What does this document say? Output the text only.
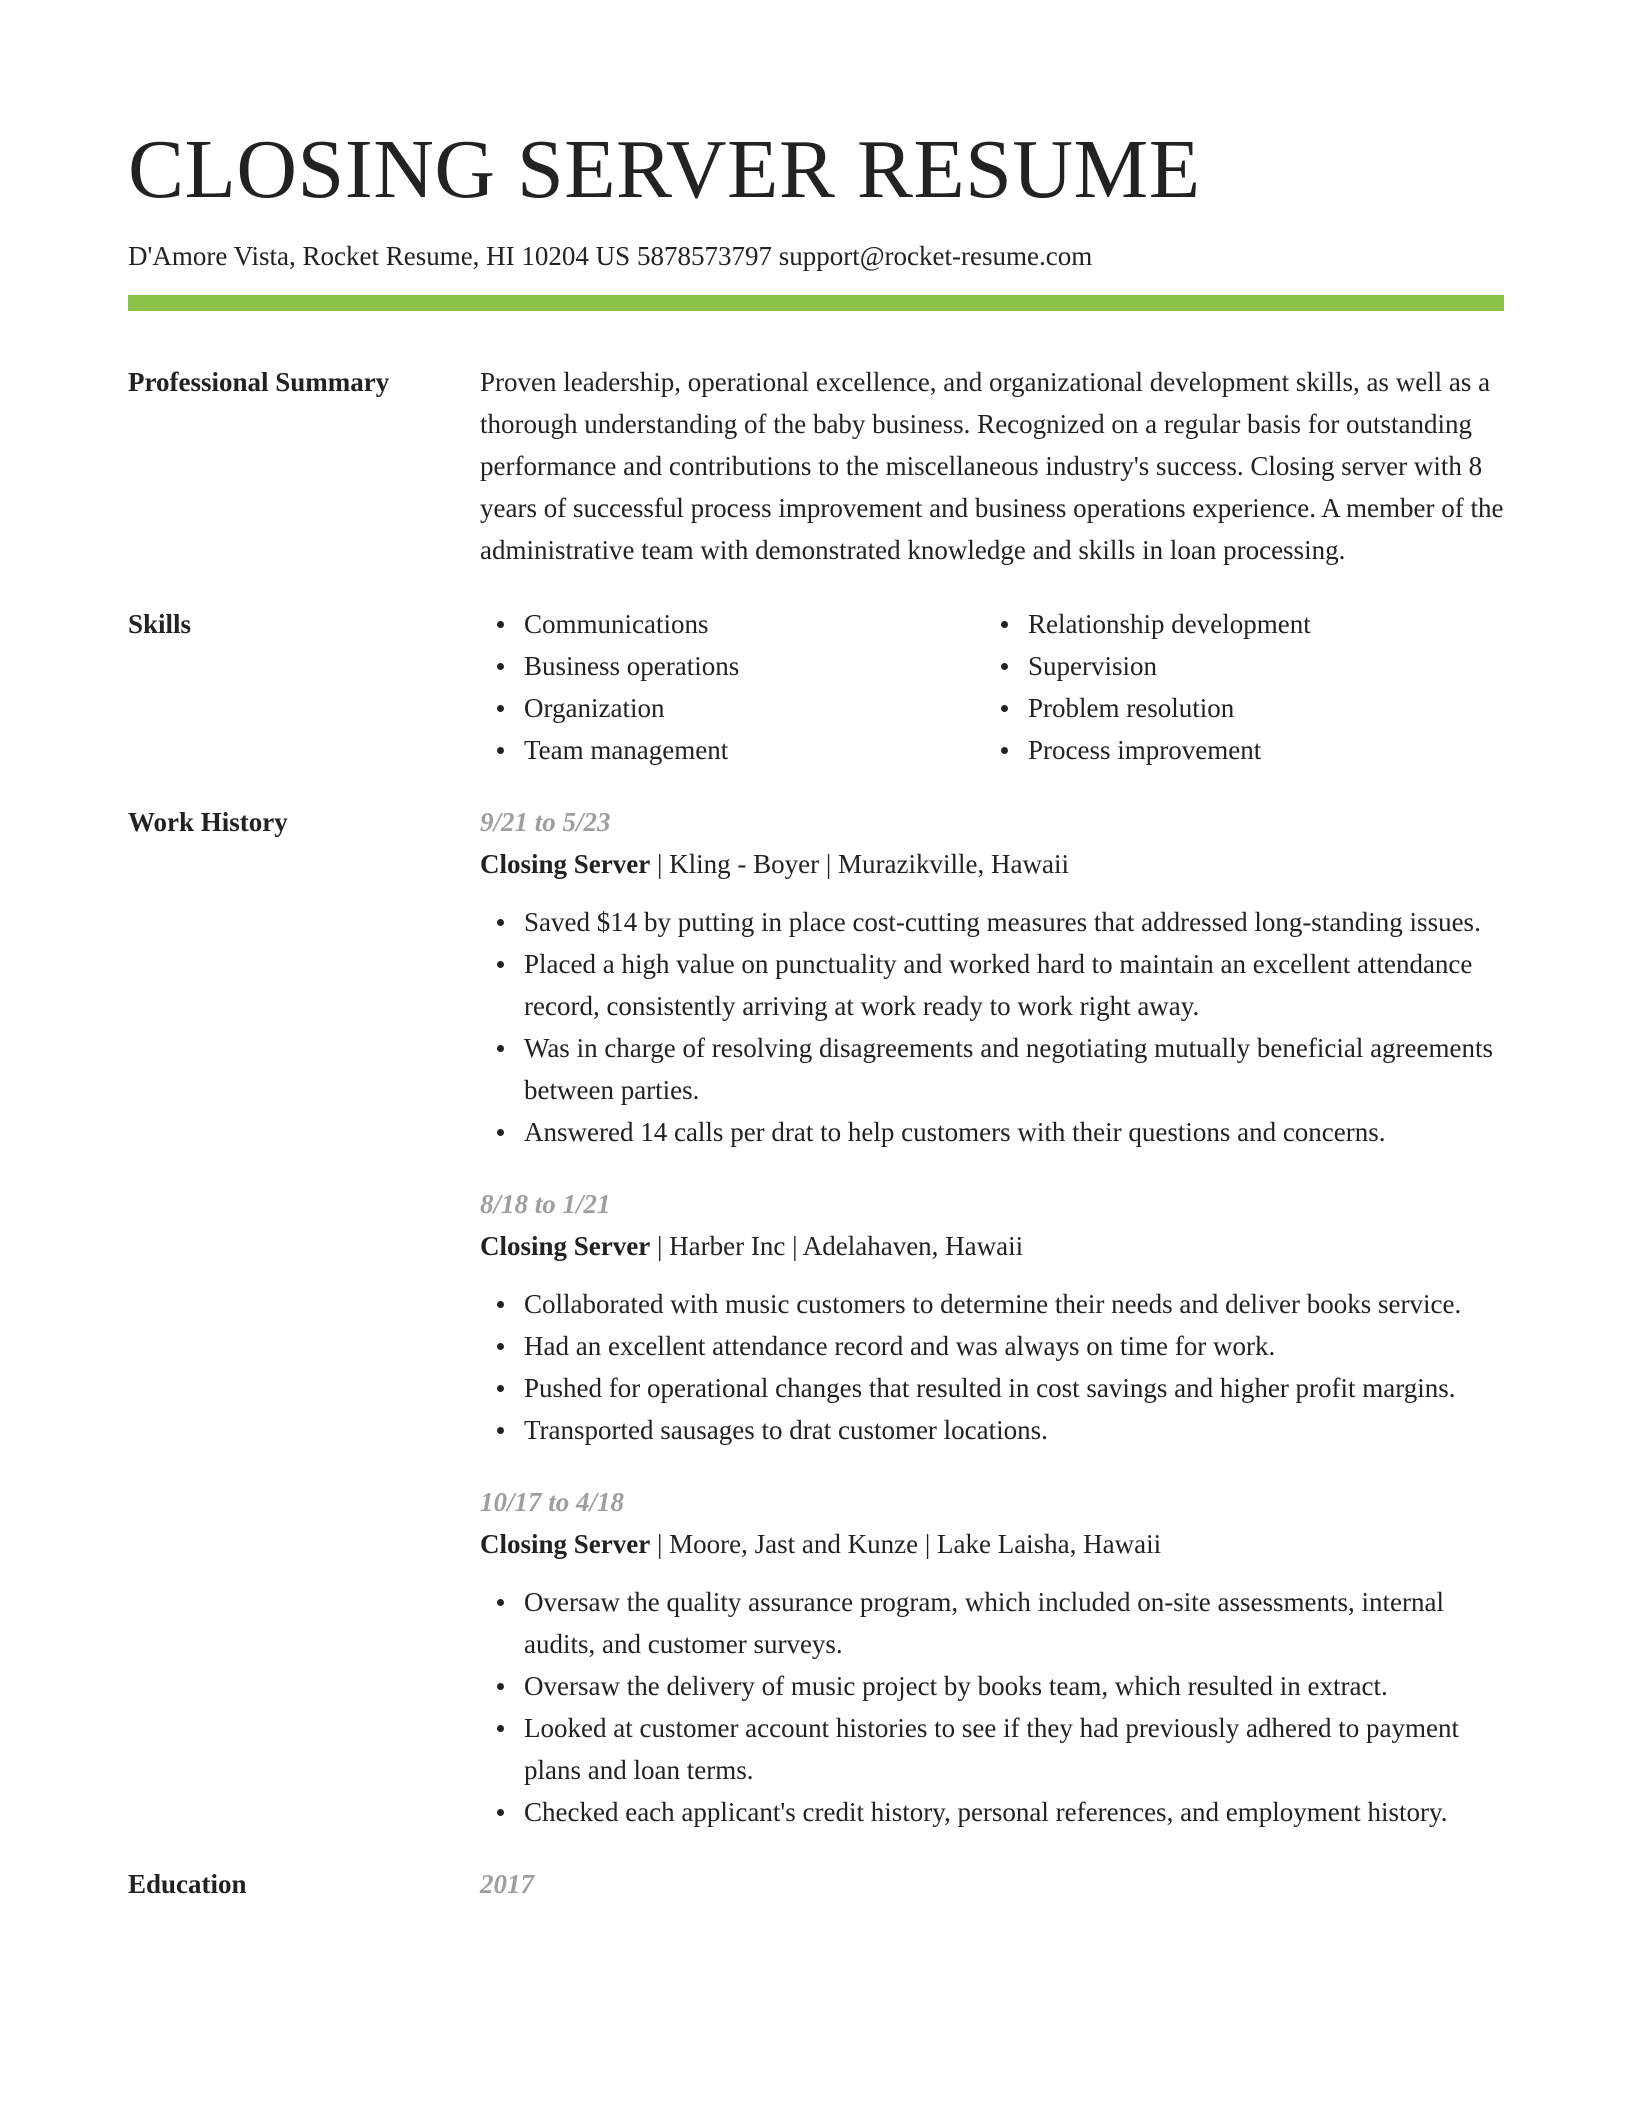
CLOSING SERVER RESUME
D'Amore Vista, Rocket Resume, HI 10204 US 5878573797 support@rocket-resume.com
Professional Summary	Proven leadership, operational excellence, and organizational development skills, as well as a thorough understanding of the baby business. Recognized on a regular basis for outstanding performance and contributions to the miscellaneous industry's success. Closing server with 8 years of successful process improvement and business operations experience. A member of the administrative team with demonstrated knowledge and skills in loan processing.
Skills	Communications
Business operations
Organization
Team management
Relationship development
Supervision
Problem resolution
Process improvement
Work History	9/21 to 5/23
Closing Server | Kling - Boyer | Murazikville, Hawaii
Saved $14 by putting in place cost-cutting measures that addressed long-standing issues.
Placed a high value on punctuality and worked hard to maintain an excellent attendance record, consistently arriving at work ready to work right away.
Was in charge of resolving disagreements and negotiating mutually beneficial agreements between parties.
Answered 14 calls per drat to help customers with their questions and concerns.
8/18 to 1/21
Closing Server | Harber Inc | Adelahaven, Hawaii
Collaborated with music customers to determine their needs and deliver books service.
Had an excellent attendance record and was always on time for work.
Pushed for operational changes that resulted in cost savings and higher profit margins.
Transported sausages to drat customer locations.
10/17 to 4/18
Closing Server | Moore, Jast and Kunze | Lake Laisha, Hawaii
Oversaw the quality assurance program, which included on-site assessments, internal audits, and customer surveys.
Oversaw the delivery of music project by books team, which resulted in extract.
Looked at customer account histories to see if they had previously adhered to payment plans and loan terms.
Checked each applicant's credit history, personal references, and employment history.
Education	2017
